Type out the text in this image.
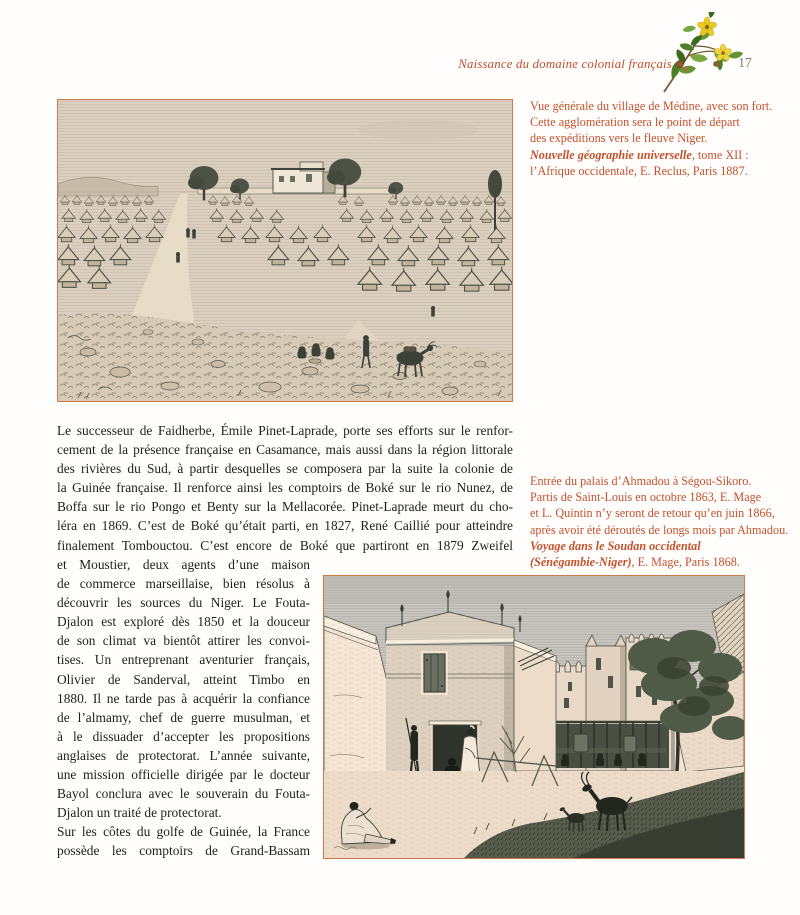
Naissance du domaine colonial français	17
Vue générale du village de Médine, avec son fort.
Cette agglomération sera le point de départ
des expéditions vers le fleuve Niger.
Nouvelle géographie universelle, tome XII :
l’Afrique occidentale, E. Reclus, Paris 1887.
Le successeur de Faidherbe, Émile Pinet-Laprade, porte ses efforts sur le renfor-
cement de la présence française en Casamance, mais aussi dans la région littorale
des rivières du Sud, à partir desquelles se composera par la suite la colonie de
la Guinée française. Il renforce ainsi les comptoirs de Boké sur le rio Nunez, de
Boffa sur le rio Pongo et Benty sur la Mellacorée. Pinet-Laprade meurt du cho-
léra en 1869. C’est de Boké qu’était parti, en 1827, René Caillié pour atteindre
finalement Tombouctou. C’est encore de Boké que partiront en 1879 Zweifel
et Moustier, deux agents d’une maison
de commerce marseillaise, bien résolus à
découvrir les sources du Niger. Le Fouta-
Djalon est exploré dès 1850 et la douceur
de son climat va bientôt attirer les convoi-
tises. Un entreprenant aventurier français,
Olivier de Sanderval, atteint Timbo en
1880. Il ne tarde pas à acquérir la confiance
de l’almamy, chef de guerre musulman, et
à le dissuader d’accepter les propositions
anglaises de protectorat. L’année suivante,
une mission officielle dirigée par le docteur
Bayol conclura avec le souverain du Fouta-
Djalon un traité de protectorat.
Sur les côtes du golfe de Guinée, la France
possède les comptoirs de Grand-Bassam
Entrée du palais d’Ahmadou à Ségou-Sikoro.
Partis de Saint-Louis en octobre 1863, E. Mage
et L. Quintin n’y seront de retour qu’en juin 1866,
après avoir été déroutés de longs mois par Ahmadou.
Voyage dans le Soudan occidental
(Sénégambie-Niger), E. Mage, Paris 1868.
